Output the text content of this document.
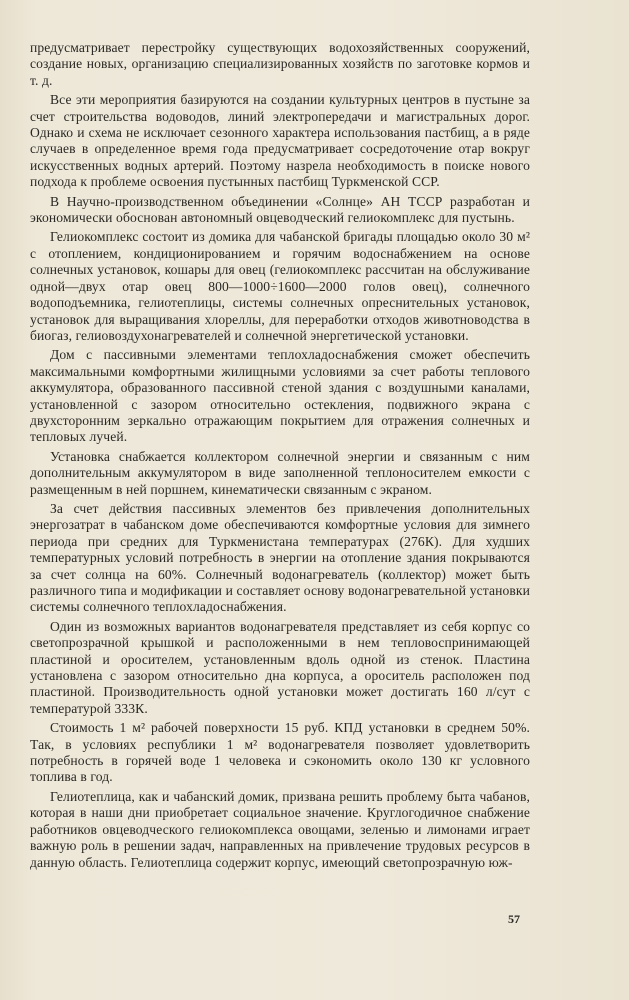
предусматривает перестройку существующих водохозяйственных сооружений, создание новых, организацию специализированных хозяйств по заготовке кормов и т. д.

Все эти мероприятия базируются на создании культурных центров в пустыне за счет строительства водоводов, линий электропередачи и магистральных дорог. Однако и схема не исключает сезонного характера использования пастбищ, а в ряде случаев в определенное время года предусматривает сосредоточение отар вокруг искусственных водных артерий. Поэтому назрела необходимость в поиске нового подхода к проблеме освоения пустынных пастбищ Туркменской ССР.

В Научно-производственном объединении «Солнце» АН ТССР разработан и экономически обоснован автономный овцеводческий гелиокомплекс для пустынь.

Гелиокомплекс состоит из домика для чабанской бригады площадью около 30 м² с отоплением, кондиционированием и горячим водоснабжением на основе солнечных установок, кошары для овец (гелиокомплекс рассчитан на обслуживание одной—двух отар овец 800—1000÷1600—2000 голов овец), солнечного водоподъемника, гелиотеплицы, системы солнечных опреснительных установок, установок для выращивания хлореллы, для переработки отходов животноводства в биогаз, гелиовоздухонагревателей и солнечной энергетической установки.

Дом с пассивными элементами теплохладоснабжения сможет обеспечить максимальными комфортными жилищными условиями за счет работы теплового аккумулятора, образованного пассивной стеной здания с воздушными каналами, установленной с зазором относительно остекления, подвижного экрана с двухсторонним зеркально отражающим покрытием для отражения солнечных и тепловых лучей.

Установка снабжается коллектором солнечной энергии и связанным с ним дополнительным аккумулятором в виде заполненной теплоносителем емкости с размещенным в ней поршнем, кинематически связанным с экраном.

За счет действия пассивных элементов без привлечения дополнительных энергозатрат в чабанском доме обеспечиваются комфортные условия для зимнего периода при средних для Туркменистана температурах (276К). Для худших температурных условий потребность в энергии на отопление здания покрываются за счет солнца на 60%. Солнечный водонагреватель (коллектор) может быть различного типа и модификации и составляет основу водонагревательной установки системы солнечного теплохладоснабжения.

Один из возможных вариантов водонагревателя представляет из себя корпус со светопрозрачной крышкой и расположенными в нем тепловоспринимающей пластиной и оросителем, установленным вдоль одной из стенок. Пластина установлена с зазором относительно дна корпуса, а ороситель расположен под пластиной. Производительность одной установки может достигать 160 л/сут с температурой 333К.

Стоимость 1 м² рабочей поверхности 15 руб. КПД установки в среднем 50%. Так, в условиях республики 1 м² водонагревателя позволяет удовлетворить потребность в горячей воде 1 человека и сэкономить около 130 кг условного топлива в год.

Гелиотеплица, как и чабанский домик, призвана решить проблему быта чабанов, которая в наши дни приобретает социальное значение. Круглогодичное снабжение работников овцеводческого гелиокомплекса овощами, зеленью и лимонами играет важную роль в решении задач, направленных на привлечение трудовых ресурсов в данную область. Гелиотеплица содержит корпус, имеющий светопрозрачную юж-

57
